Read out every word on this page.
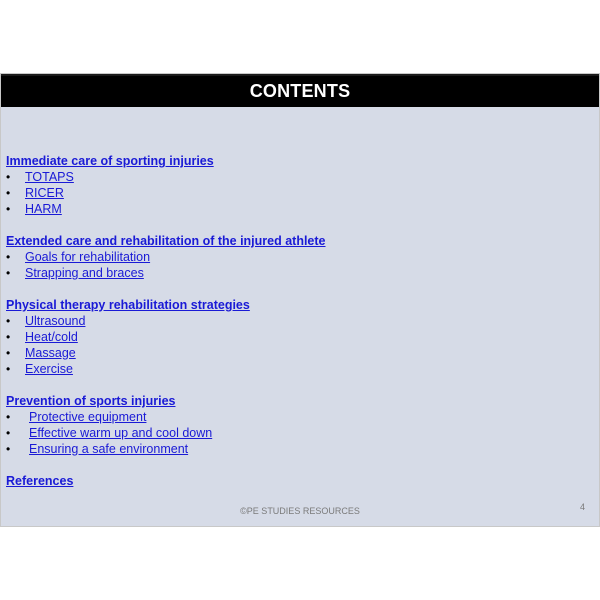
CONTENTS
Immediate care of sporting injuries
• TOTAPS
• RICER
• HARM
Extended care and rehabilitation of the injured athlete
• Goals for rehabilitation
• Strapping and braces
Physical therapy rehabilitation strategies
• Ultrasound
• Heat/cold
• Massage
• Exercise
Prevention of sports injuries
• Protective equipment
• Effective warm up and cool down
• Ensuring a safe environment
References
©PE STUDIES RESOURCES	4
